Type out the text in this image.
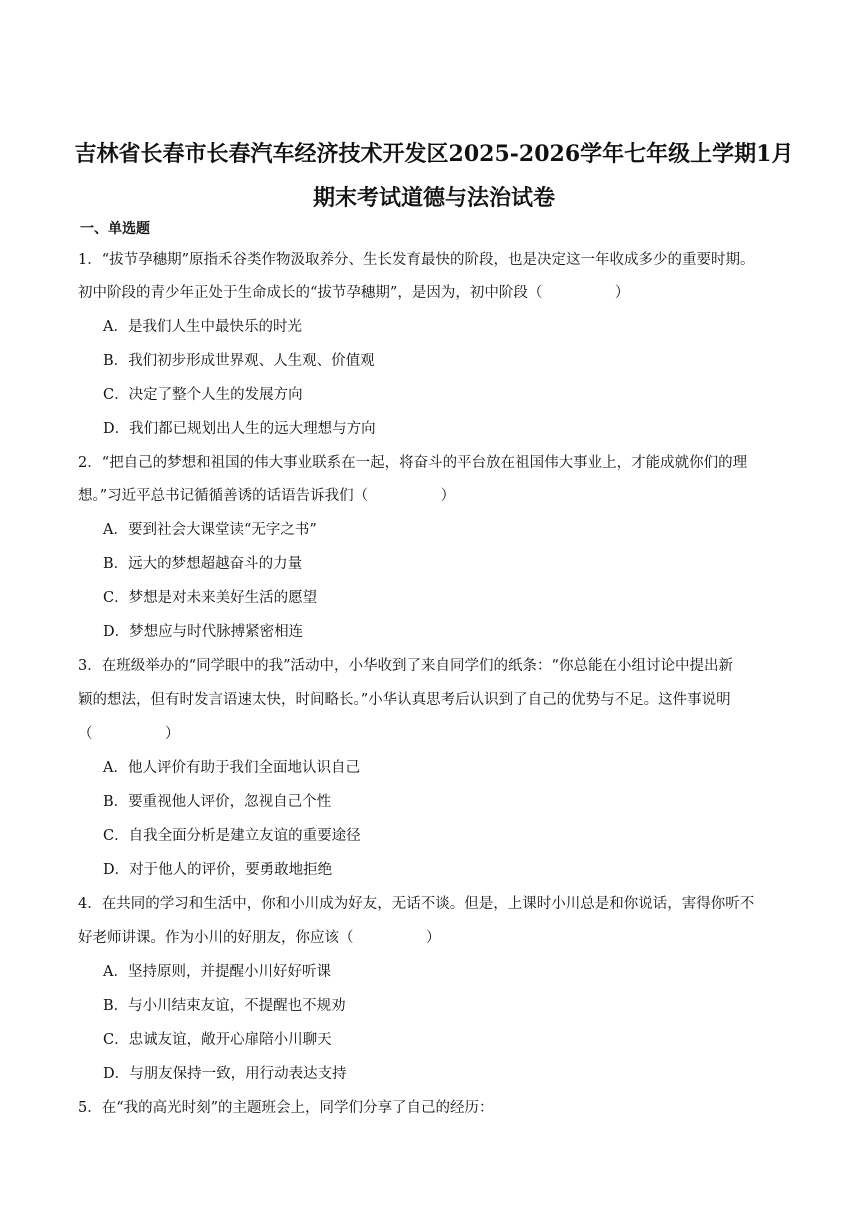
吉林省长春市长春汽车经济技术开发区2025-2026学年七年级上学期1月
期末考试道德与法治试卷
一、单选题
1．“拔节孕穗期”原指禾谷类作物汲取养分、生长发育最快的阶段，也是决定这一年收成多少的重要时期。
初中阶段的青少年正处于生命成长的“拔节孕穗期”，是因为，初中阶段（　　　　　）
A．是我们人生中最快乐的时光
B．我们初步形成世界观、人生观、价值观
C．决定了整个人生的发展方向
D．我们都已规划出人生的远大理想与方向
2．“把自己的梦想和祖国的伟大事业联系在一起，将奋斗的平台放在祖国伟大事业上，才能成就你们的理
想。”习近平总书记循循善诱的话语告诉我们（　　　　　）
A．要到社会大课堂读“无字之书”
B．远大的梦想超越奋斗的力量
C．梦想是对未来美好生活的愿望
D．梦想应与时代脉搏紧密相连
3．在班级举办的“同学眼中的我”活动中，小华收到了来自同学们的纸条：“你总能在小组讨论中提出新
颖的想法，但有时发言语速太快，时间略长。”小华认真思考后认识到了自己的优势与不足。这件事说明
（　　　　　）
A．他人评价有助于我们全面地认识自己
B．要重视他人评价，忽视自己个性
C．自我全面分析是建立友谊的重要途径
D．对于他人的评价，要勇敢地拒绝
4．在共同的学习和生活中，你和小川成为好友，无话不谈。但是，上课时小川总是和你说话，害得你听不
好老师讲课。作为小川的好朋友，你应该（　　　　　）
A．坚持原则，并提醒小川好好听课
B．与小川结束友谊，不提醒也不规劝
C．忠诚友谊，敞开心扉陪小川聊天
D．与朋友保持一致，用行动表达支持
5．在“我的高光时刻”的主题班会上，同学们分享了自己的经历：
